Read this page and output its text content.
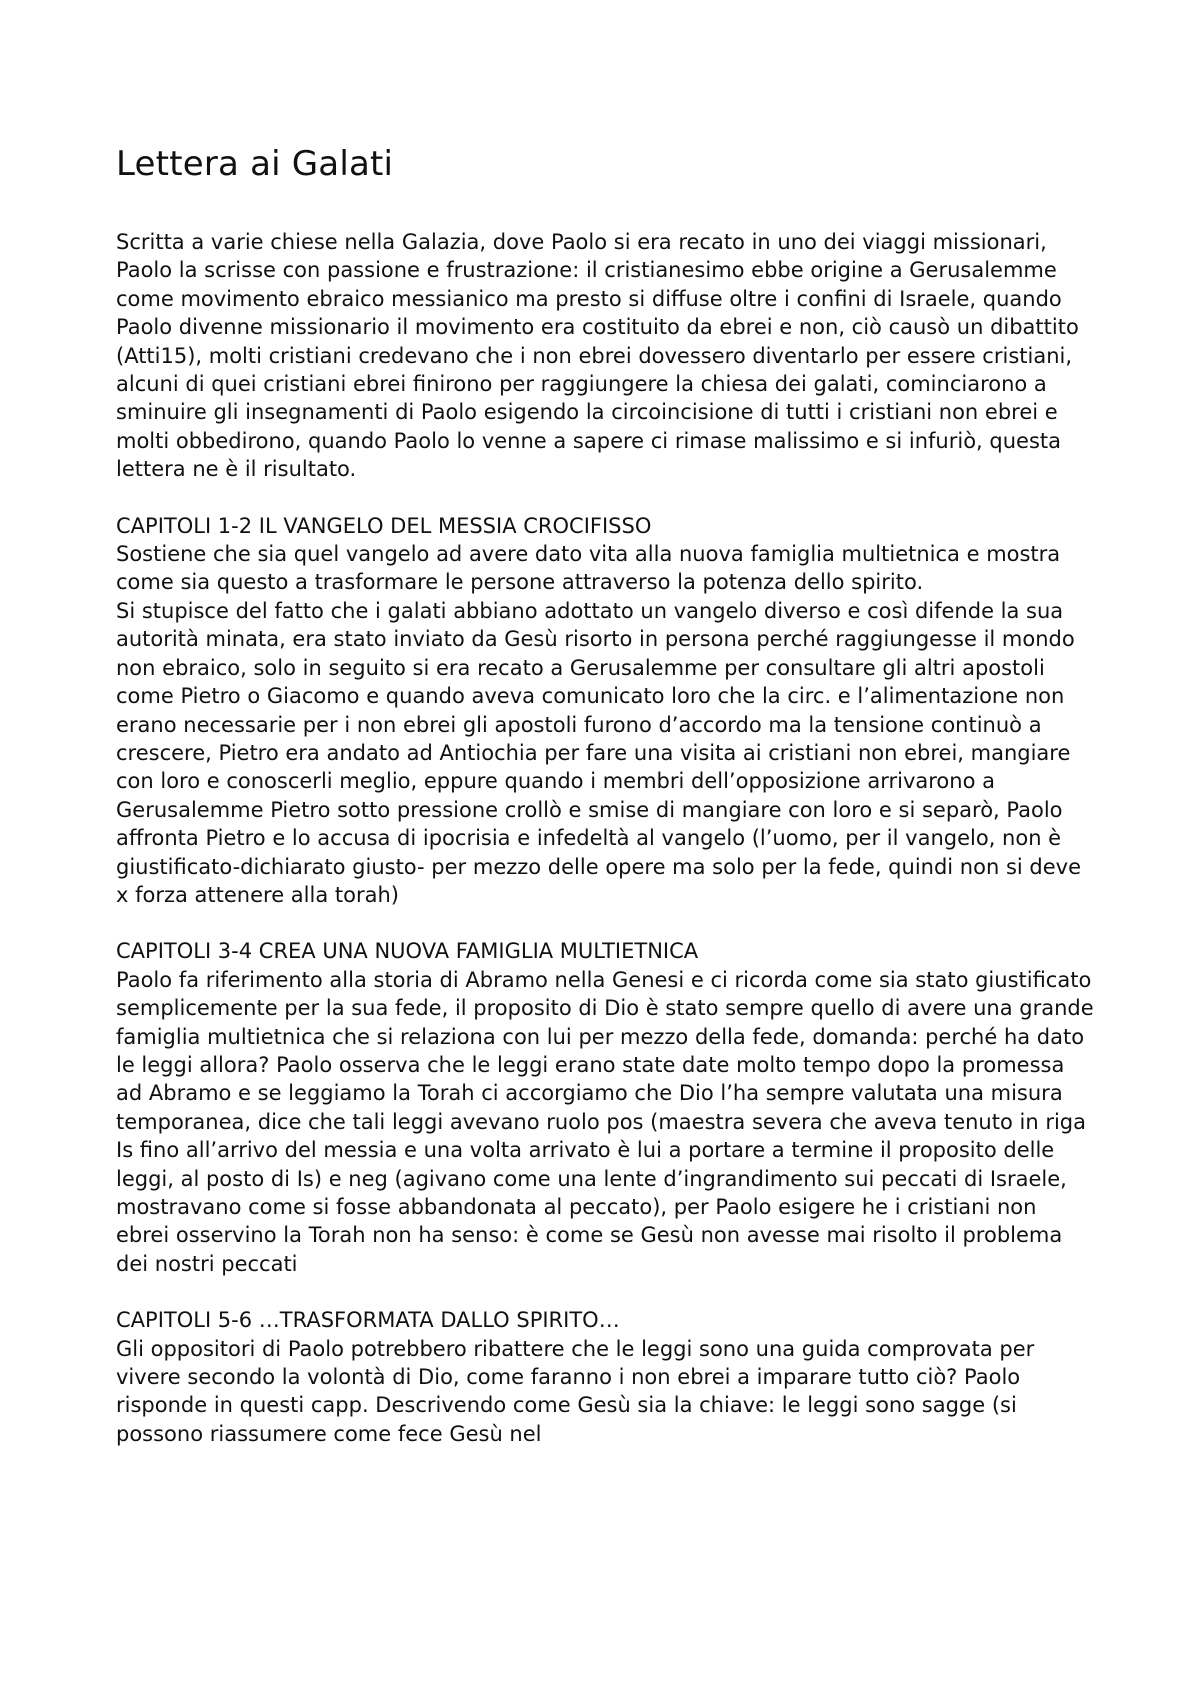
Lettera ai Galati

Scritta a varie chiese nella Galazia, dove Paolo si era recato in uno dei viaggi missionari, Paolo la scrisse con passione e frustrazione: il cristianesimo ebbe origine a Gerusalemme come movimento ebraico messianico ma presto si diffuse oltre i confini di Israele, quando Paolo divenne missionario il movimento era costituito da ebrei e non, ciò causò un dibattito (Atti15), molti cristiani credevano che i non ebrei dovessero diventarlo per essere cristiani, alcuni di quei cristiani ebrei finirono per raggiungere la chiesa dei galati, cominciarono a sminuire gli insegnamenti di Paolo esigendo la circoincisione di tutti i cristiani non ebrei e molti obbedirono, quando Paolo lo venne a sapere ci rimase malissimo e si infuriò, questa lettera ne è il risultato.

CAPITOLI 1-2 IL VANGELO DEL MESSIA CROCIFISSO

Sostiene che sia quel vangelo ad avere dato vita alla nuova famiglia multietnica e mostra come sia questo a trasformare le persone attraverso la potenza dello spirito.

Si stupisce del fatto che i galati abbiano adottato un vangelo diverso e così difende la sua autorità minata, era stato inviato da Gesù risorto in persona perché raggiungesse il mondo non ebraico, solo in seguito si era recato a Gerusalemme per consultare gli altri apostoli come Pietro o Giacomo e quando aveva comunicato loro che la circ. e l’alimentazione non erano necessarie per i non ebrei gli apostoli furono d’accordo ma la tensione continuò a crescere, Pietro era andato ad Antiochia per fare una visita ai cristiani non ebrei, mangiare con loro e conoscerli meglio, eppure quando i membri dell’opposizione arrivarono a Gerusalemme Pietro sotto pressione crollò e smise di mangiare con loro e si separò, Paolo affronta Pietro e lo accusa di ipocrisia e infedeltà al vangelo (l’uomo, per il vangelo, non è giustificato-dichiarato giusto- per mezzo delle opere ma solo per la fede, quindi non si deve x forza attenere alla torah)

CAPITOLI 3-4 CREA UNA NUOVA FAMIGLIA MULTIETNICA

Paolo fa riferimento alla storia di Abramo nella Genesi e ci ricorda come sia stato giustificato semplicemente per la sua fede, il proposito di Dio è stato sempre quello di avere una grande famiglia multietnica che si relaziona con lui per mezzo della fede, domanda: perché ha dato le leggi allora? Paolo osserva che le leggi erano state date molto tempo dopo la promessa ad Abramo e se leggiamo la Torah ci accorgiamo che Dio l’ha sempre valutata una misura temporanea, dice che tali leggi avevano ruolo pos (maestra severa che aveva tenuto in riga Is fino all’arrivo del messia e una volta arrivato è lui a portare a termine il proposito delle leggi, al posto di Is) e neg (agivano come una lente d’ingrandimento sui peccati di Israele, mostravano come si fosse abbandonata al peccato), per Paolo esigere he i cristiani non ebrei osservino la Torah non ha senso: è come se Gesù non avesse mai risolto il problema dei nostri peccati

CAPITOLI 5-6 …TRASFORMATA DALLO SPIRITO…

Gli oppositori di Paolo potrebbero ribattere che le leggi sono una guida comprovata per vivere secondo la volontà di Dio, come faranno i non ebrei a imparare tutto ciò? Paolo risponde in questi capp. Descrivendo come Gesù sia la chiave: le leggi sono sagge (si possono riassumere come fece Gesù nel
